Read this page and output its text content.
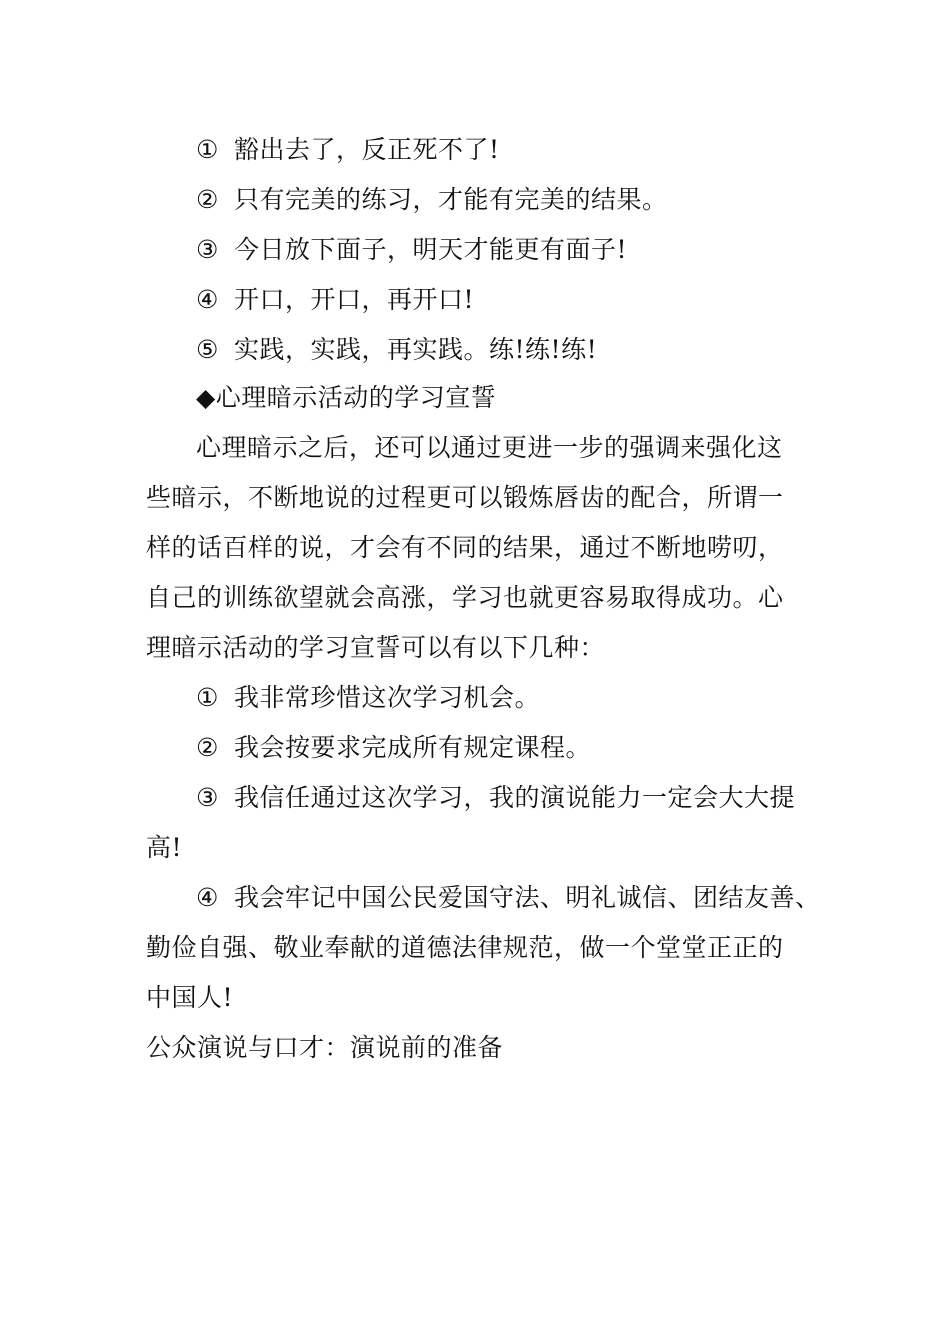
① 豁出去了，反正死不了!
② 只有完美的练习，才能有完美的结果。
③ 今日放下面子，明天才能更有面子!
④ 开口，开口，再开口!
⑤ 实践，实践，再实践。练!练!练!
◆心理暗示活动的学习宣誓
心理暗示之后，还可以通过更进一步的强调来强化这
些暗示，不断地说的过程更可以锻炼唇齿的配合，所谓一
样的话百样的说，才会有不同的结果，通过不断地唠叨，
自己的训练欲望就会高涨，学习也就更容易取得成功。心
理暗示活动的学习宣誓可以有以下几种：
① 我非常珍惜这次学习机会。
② 我会按要求完成所有规定课程。
③ 我信任通过这次学习，我的演说能力一定会大大提
高!
④ 我会牢记中国公民爱国守法、明礼诚信、团结友善、
勤俭自强、敬业奉献的道德法律规范，做一个堂堂正正的
中国人!
公众演说与口才：演说前的准备
